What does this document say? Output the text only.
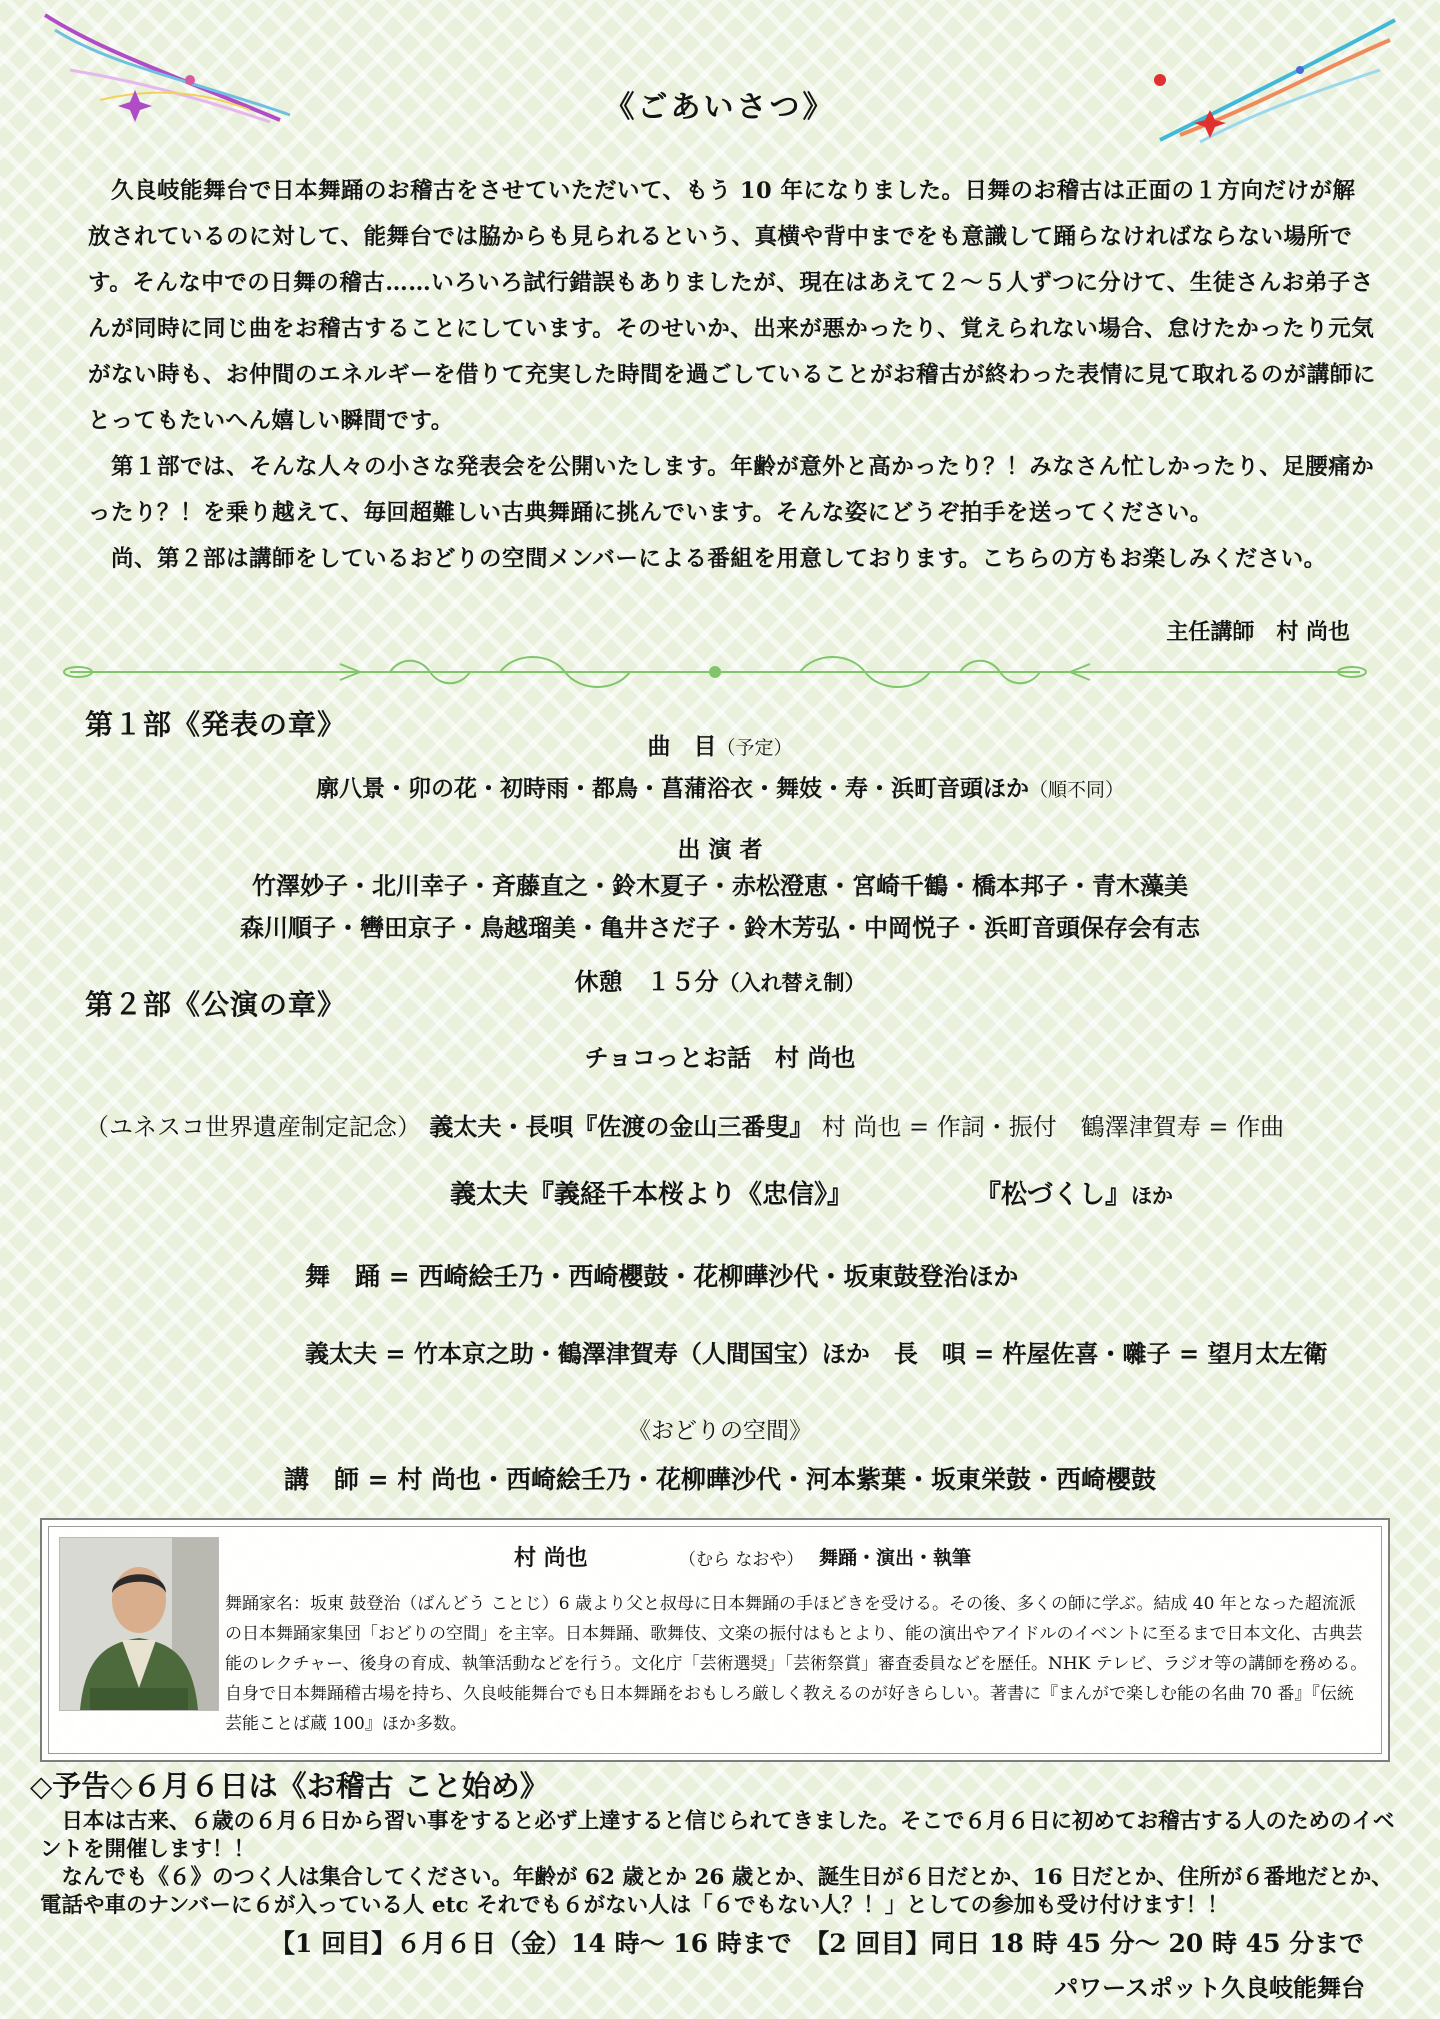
《ごあいさつ》

　久良岐能舞台で日本舞踊のお稽古をさせていただいて、もう 10 年になりました。日舞のお稽古は正面の１方向だけが解放されているのに対して、能舞台では脇からも見られるという、真横や背中までをも意識して踊らなければならない場所です。そんな中での日舞の稽古……いろいろ試行錯誤もありましたが、現在はあえて２～５人ずつに分けて、生徒さんお弟子さんが同時に同じ曲をお稽古することにしています。そのせいか、出来が悪かったり、覚えられない場合、怠けたかったり元気がない時も、お仲間のエネルギーを借りて充実した時間を過ごしていることがお稽古が終わった表情に見て取れるのが講師にとってもたいへん嬉しい瞬間です。

　第１部では、そんな人々の小さな発表会を公開いたします。年齢が意外と高かったり？！みなさん忙しかったり、足腰痛かったり？！を乗り越えて、毎回超難しい古典舞踊に挑んでいます。そんな姿にどうぞ拍手を送ってください。

　尚、第２部は講師をしているおどりの空間メンバーによる番組を用意しております。こちらの方もお楽しみください。

主任講師　村 尚也
第１部《発表の章》
曲　目（予定）
廓八景・卯の花・初時雨・都鳥・菖蒲浴衣・舞妓・寿・浜町音頭ほか（順不同）
出 演 者
竹澤妙子・北川幸子・斉藤直之・鈴木夏子・赤松澄恵・宮崎千鶴・橋本邦子・青木藻美
森川順子・轡田京子・鳥越瑠美・亀井さだ子・鈴木芳弘・中岡悦子・浜町音頭保存会有志
休憩　１５分（入れ替え制）
第２部《公演の章》
チョコっとお話　村 尚也
（ユネスコ世界遺産制定記念） 義太夫・長唄『佐渡の金山三番叟』 村 尚也 = 作詞・振付　鶴澤津賀寿 = 作曲
義太夫『義経千本桜より《忠信》』	『松づくし』ほか
舞　踊 = 西崎絵壬乃・西崎櫻鼓・花柳曄沙代・坂東鼓登治ほか
義太夫 = 竹本京之助・鶴澤津賀寿（人間国宝）ほか　長　唄 = 杵屋佐喜・囃子 = 望月太左衛
《おどりの空間》
講　師 = 村 尚也・西崎絵壬乃・花柳曄沙代・河本紫葉・坂東栄鼓・西崎櫻鼓
村 尚也	（むら なおや） 舞踊・演出・執筆
舞踊家名：坂東 鼓登治（ばんどう ことじ）6 歳より父と叔母に日本舞踊の手ほどきを受ける。その後、多くの師に学ぶ。結成 40 年となった超流派の日本舞踊家集団「おどりの空間」を主宰。日本舞踊、歌舞伎、文楽の振付はもとより、能の演出やアイドルのイベントに至るまで日本文化、古典芸能のレクチャー、後身の育成、執筆活動などを行う。文化庁「芸術選奨」「芸術祭賞」審査委員などを歴任。NHK テレビ、ラジオ等の講師を務める。自身で日本舞踊稽古場を持ち、久良岐能舞台でも日本舞踊をおもしろ厳しく教えるのが好きらしい。著書に『まんがで楽しむ能の名曲 70 番』『伝統芸能ことば蔵 100』ほか多数。
◇予告◇６月６日は《お稽古 こと始め》

　日本は古来、６歳の６月６日から習い事をすると必ず上達すると信じられてきました。そこで６月６日に初めてお稽古する人のためのイベントを開催します！！

　なんでも《６》のつく人は集合してください。年齢が 62 歳とか 26 歳とか、誕生日が６日だとか、16 日だとか、住所が６番地だとか、電話や車のナンバーに６が入っている人 etc それでも６がない人は「６でもない人？！」としての参加も受け付けます！！

【1 回目】６月６日（金）14 時～ 16 時まで　【2 回目】同日 18 時 45 分～ 20 時 45 分まで
パワースポット久良岐能舞台
